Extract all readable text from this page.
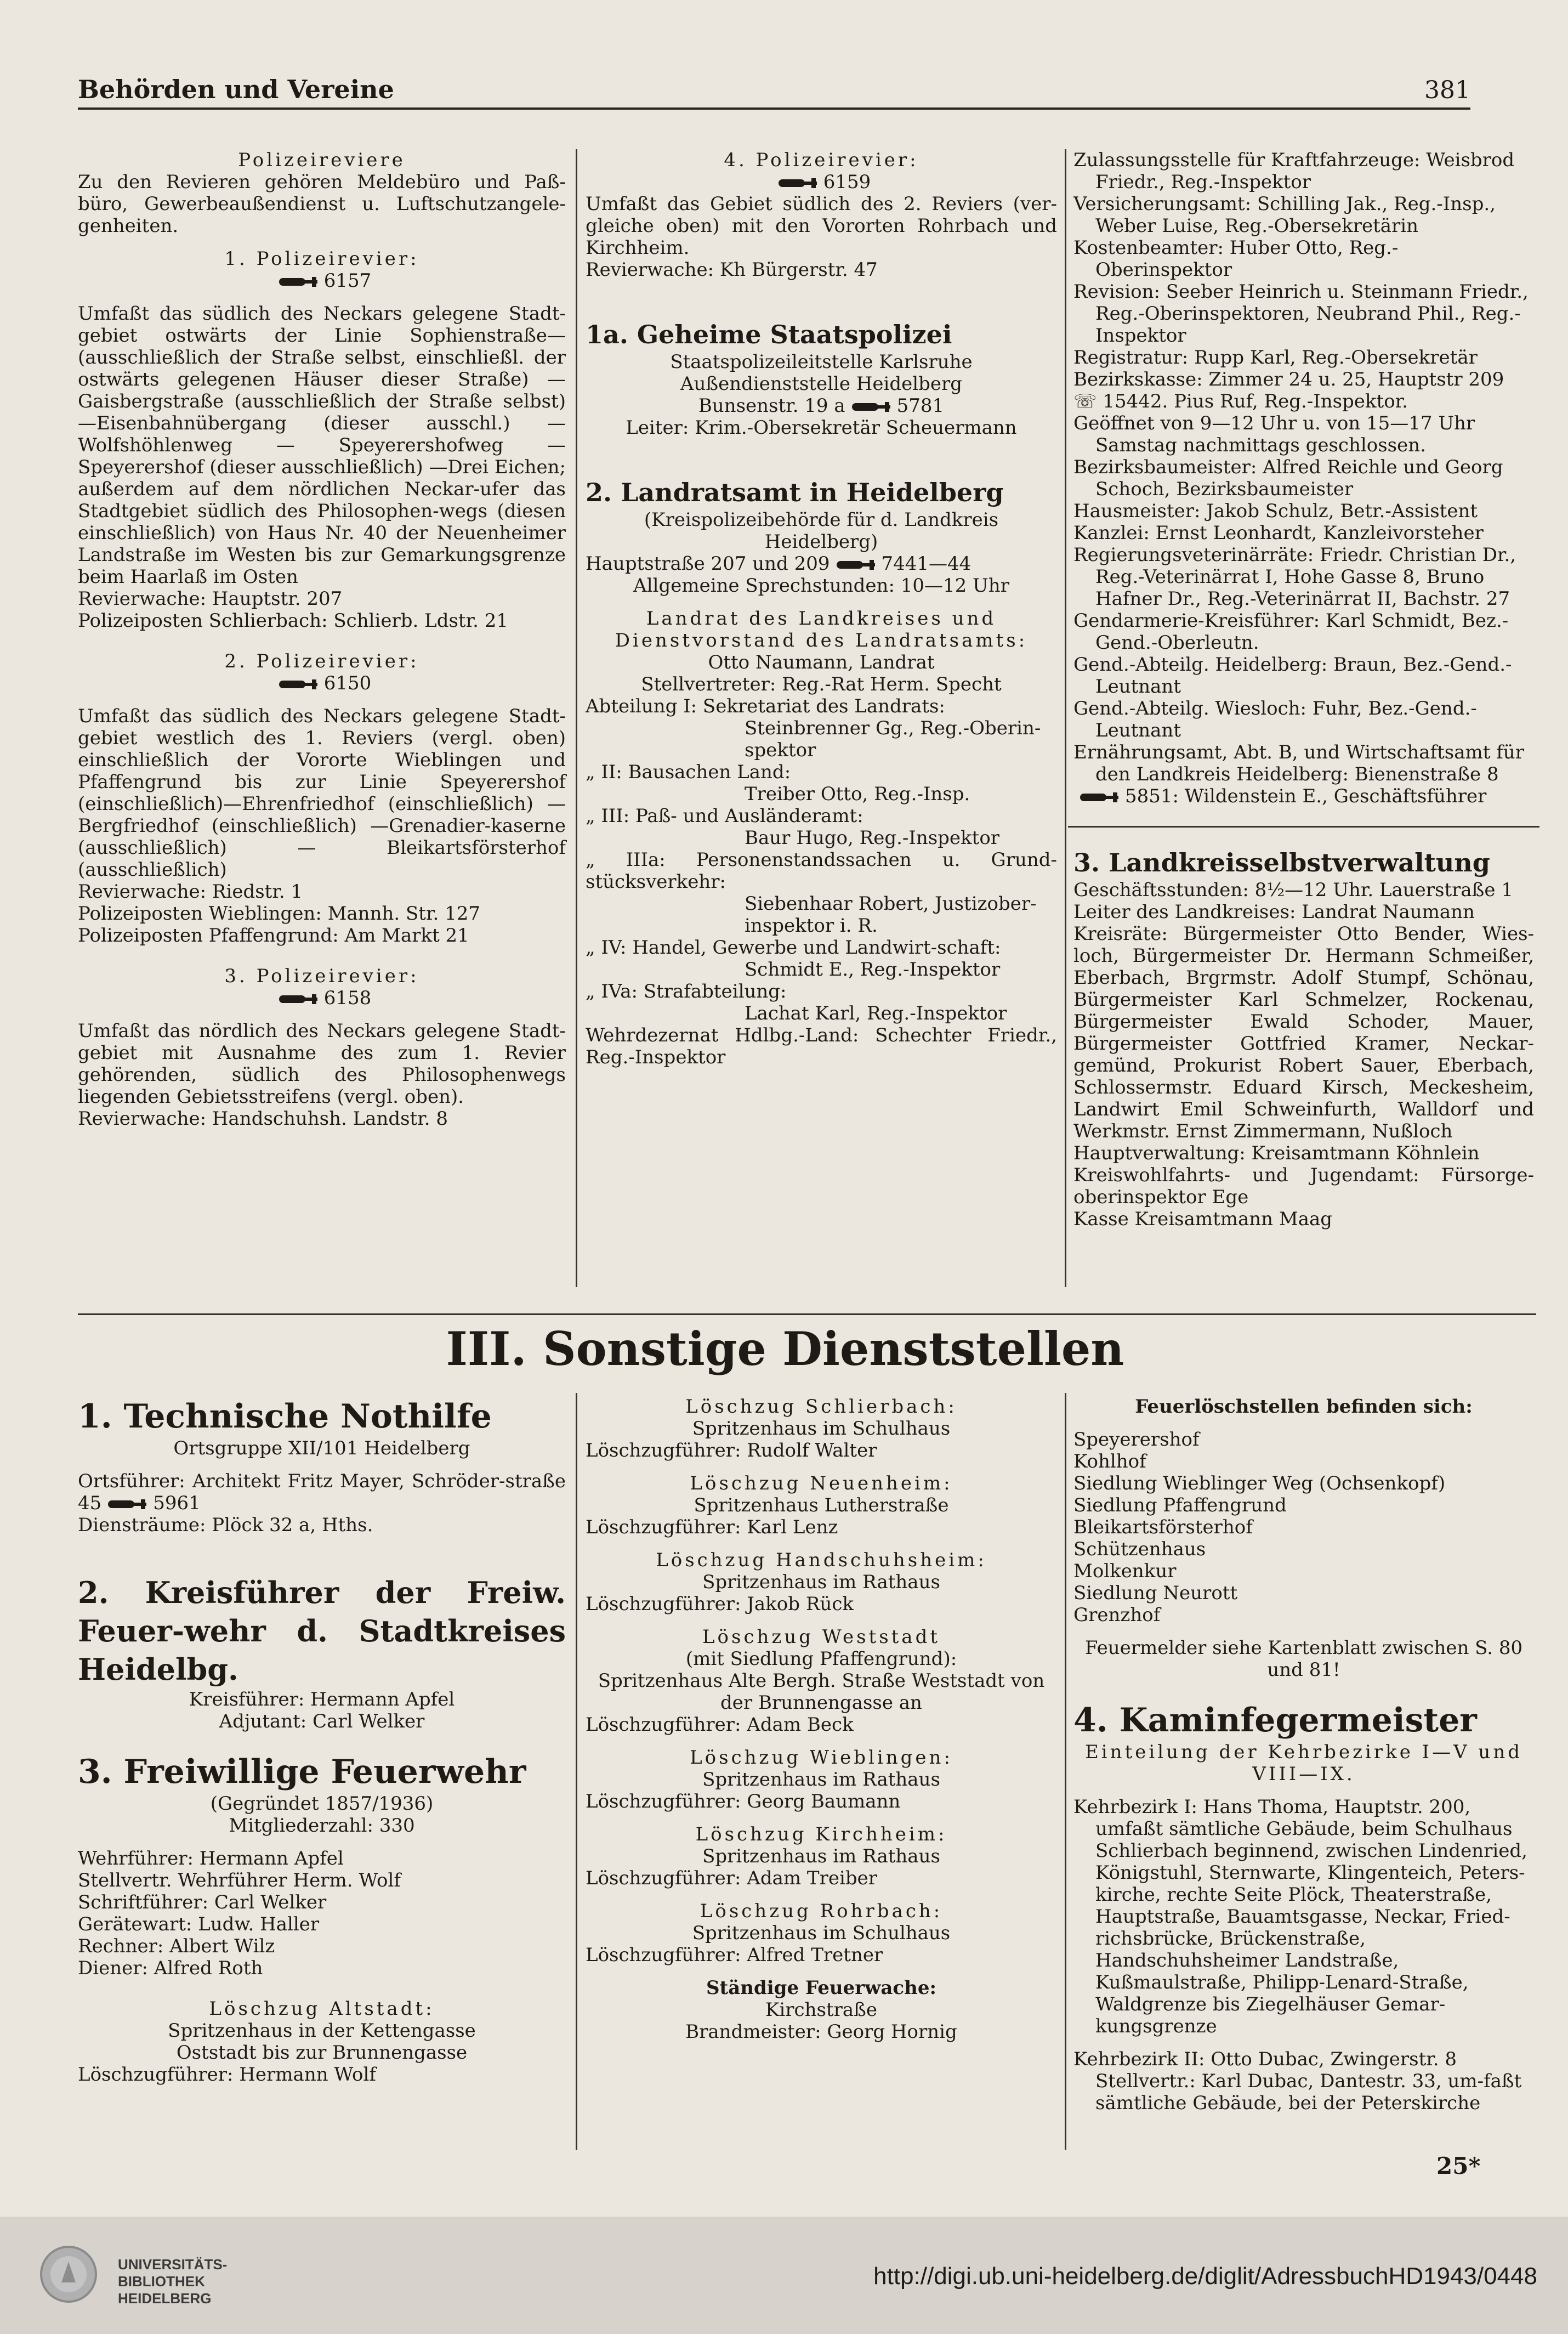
Behörden und Vereine	381

Polizeireviere

Zu den Revieren gehören Meldebüro und Paß-büro, Gewerbeaußendienst u. Luftschutzangele-genheiten.

1. Polizeirevier:

6157

Umfaßt das südlich des Neckars gelegene Stadt-gebiet ostwärts der Linie Sophienstraße—(ausschließlich der Straße selbst, einschließl. der ostwärts gelegenen Häuser dieser Straße) —Gaisbergstraße (ausschließlich der Straße selbst) —Eisenbahnübergang (dieser ausschl.) — Wolfshöhlenweg — Speyerershofweg — Speyerershof (dieser ausschließlich) —Drei Eichen; außerdem auf dem nördlichen Neckar-ufer das Stadtgebiet südlich des Philosophen-wegs (diesen einschließlich) von Haus Nr. 40 der Neuenheimer Landstraße im Westen bis zur Gemarkungsgrenze beim Haarlaß im Osten

Revierwache: Hauptstr. 207

Polizeiposten Schlierbach: Schlierb. Ldstr. 21

2. Polizeirevier:

6150

Umfaßt das südlich des Neckars gelegene Stadt-gebiet westlich des 1. Reviers (vergl. oben) einschließlich der Vororte Wieblingen und Pfaffengrund bis zur Linie Speyerershof (einschließlich)—Ehrenfriedhof (einschließlich) —Bergfriedhof (einschließlich) —Grenadier-kaserne (ausschließlich) — Bleikartsförsterhof (ausschließlich)

Revierwache: Riedstr. 1

Polizeiposten Wieblingen: Mannh. Str. 127

Polizeiposten Pfaffengrund: Am Markt 21

3. Polizeirevier:

6158

Umfaßt das nördlich des Neckars gelegene Stadt-gebiet mit Ausnahme des zum 1. Revier gehörenden, südlich des Philosophenwegs liegenden Gebietsstreifens (vergl. oben).

Revierwache: Handschuhsh. Landstr. 8

4. Polizeirevier:

6159

Umfaßt das Gebiet südlich des 2. Reviers (ver-gleiche oben) mit den Vororten Rohrbach und Kirchheim.

Revierwache: Kh Bürgerstr. 47

1a. Geheime Staatspolizei

Staatspolizeileitstelle Karlsruhe

Außendienststelle Heidelberg

Bunsenstr. 19 a	5781

Leiter: Krim.-Obersekretär Scheuermann

2. Landratsamt in Heidelberg

(Kreispolizeibehörde für d. Landkreis Heidelberg)

Hauptstraße 207 und 209	7441—44

Allgemeine Sprechstunden: 10—12 Uhr

Landrat des Landkreises und Dienstvorstand des Landratsamts:

Otto Naumann, Landrat

Stellvertreter: Reg.-Rat Herm. Specht

Abteilung I: Sekretariat des Landrats:

Steinbrenner Gg., Reg.-Oberin-spektor

„ II: Bausachen Land:

Treiber Otto, Reg.-Insp.

„ III: Paß- und Ausländeramt:

Baur Hugo, Reg.-Inspektor

„ IIIa: Personenstandssachen u. Grund-stücksverkehr:

Siebenhaar Robert, Justizober-inspektor i. R.

„ IV: Handel, Gewerbe und Landwirt-schaft:

Schmidt E., Reg.-Inspektor

„ IVa: Strafabteilung:

Lachat Karl, Reg.-Inspektor

Wehrdezernat Hdlbg.-Land: Schechter Friedr., Reg.-Inspektor

Zulassungsstelle für Kraftfahrzeuge: Weisbrod Friedr., Reg.-Inspektor

Versicherungsamt: Schilling Jak., Reg.-Insp., Weber Luise, Reg.-Obersekretärin

Kostenbeamter: Huber Otto, Reg.-Oberinspektor

Revision: Seeber Heinrich u. Steinmann Friedr., Reg.-Oberinspektoren, Neubrand Phil., Reg.-Inspektor

Registratur: Rupp Karl, Reg.-Obersekretär

Bezirkskasse: Zimmer 24 u. 25, Hauptstr 209

☏ 15442. Pius Ruf, Reg.-Inspektor.

Geöffnet von 9—12 Uhr u. von 15—17 Uhr Samstag nachmittags geschlossen.

Bezirksbaumeister: Alfred Reichle und Georg Schoch, Bezirksbaumeister

Hausmeister: Jakob Schulz, Betr.-Assistent

Kanzlei: Ernst Leonhardt, Kanzleivorsteher

Regierungsveterinärräte: Friedr. Christian Dr., Reg.-Veterinärrat I, Hohe Gasse 8, Bruno Hafner Dr., Reg.-Veterinärrat II, Bachstr. 27

Gendarmerie-Kreisführer: Karl Schmidt, Bez.-Gend.-Oberleutn.

Gend.-Abteilg. Heidelberg: Braun, Bez.-Gend.-Leutnant

Gend.-Abteilg. Wiesloch: Fuhr, Bez.-Gend.-Leutnant

Ernährungsamt, Abt. B, und Wirtschaftsamt für den Landkreis Heidelberg: Bienenstraße 8

5851: Wildenstein E., Geschäftsführer

3. Landkreisselbstverwaltung

Geschäftsstunden: 8½—12 Uhr. Lauerstraße 1

Leiter des Landkreises: Landrat Naumann

Kreisräte: Bürgermeister Otto Bender, Wies-loch, Bürgermeister Dr. Hermann Schmeißer, Eberbach, Brgrmstr. Adolf Stumpf, Schönau, Bürgermeister Karl Schmelzer, Rockenau, Bürgermeister Ewald Schoder, Mauer, Bürgermeister Gottfried Kramer, Neckar-gemünd, Prokurist Robert Sauer, Eberbach, Schlossermstr. Eduard Kirsch, Meckesheim, Landwirt Emil Schweinfurth, Walldorf und Werkmstr. Ernst Zimmermann, Nußloch

Hauptverwaltung: Kreisamtmann Köhnlein

Kreiswohlfahrts- und Jugendamt: Fürsorge-oberinspektor Ege

Kasse Kreisamtmann Maag

III. Sonstige Dienststellen

1. Technische Nothilfe

Ortsgruppe XII/101 Heidelberg

Ortsführer: Architekt Fritz Mayer, Schröder-straße 45	5961

Diensträume: Plöck 32 a, Hths.

2. Kreisführer der Freiw. Feuer-wehr d. Stadtkreises Heidelbg.

Kreisführer: Hermann Apfel

Adjutant: Carl Welker

3. Freiwillige Feuerwehr

(Gegründet 1857/1936)

Mitgliederzahl: 330

Wehrführer: Hermann Apfel

Stellvertr. Wehrführer Herm. Wolf

Schriftführer: Carl Welker

Gerätewart: Ludw. Haller

Rechner: Albert Wilz

Diener: Alfred Roth

Löschzug Altstadt:

Spritzenhaus in der Kettengasse

Oststadt bis zur Brunnengasse

Löschzugführer: Hermann Wolf

Löschzug Schlierbach:

Spritzenhaus im Schulhaus

Löschzugführer: Rudolf Walter

Löschzug Neuenheim:

Spritzenhaus Lutherstraße

Löschzugführer: Karl Lenz

Löschzug Handschuhsheim:

Spritzenhaus im Rathaus

Löschzugführer: Jakob Rück

Löschzug Weststadt

(mit Siedlung Pfaffengrund):

Spritzenhaus Alte Bergh. Straße Weststadt von der Brunnengasse an

Löschzugführer: Adam Beck

Löschzug Wieblingen:

Spritzenhaus im Rathaus

Löschzugführer: Georg Baumann

Löschzug Kirchheim:

Spritzenhaus im Rathaus

Löschzugführer: Adam Treiber

Löschzug Rohrbach:

Spritzenhaus im Schulhaus

Löschzugführer: Alfred Tretner

Ständige Feuerwache:

Kirchstraße

Brandmeister: Georg Hornig

Feuerlöschstellen befinden sich:

Speyerershof

Kohlhof

Siedlung Wieblinger Weg (Ochsenkopf)

Siedlung Pfaffengrund

Bleikartsförsterhof

Schützenhaus

Molkenkur

Siedlung Neurott

Grenzhof

Feuermelder siehe Kartenblatt zwischen S. 80 und 81!

4. Kaminfegermeister

Einteilung der Kehrbezirke I—V und VIII—IX.

Kehrbezirk I: Hans Thoma, Hauptstr. 200, umfaßt sämtliche Gebäude, beim Schulhaus Schlierbach beginnend, zwischen Lindenried, Königstuhl, Sternwarte, Klingenteich, Peters-kirche, rechte Seite Plöck, Theaterstraße, Hauptstraße, Bauamtsgasse, Neckar, Fried-richsbrücke, Brückenstraße, Handschuhsheimer Landstraße, Kußmaulstraße, Philipp-Lenard-Straße, Waldgrenze bis Ziegelhäuser Gemar-kungsgrenze

Kehrbezirk II: Otto Dubac, Zwingerstr. 8 Stellvertr.: Karl Dubac, Dantestr. 33, um-faßt sämtliche Gebäude, bei der Peterskirche

25*
UNIVERSITÄTS-
BIBLIOTHEK
HEIDELBERG
http://digi.ub.uni-heidelberg.de/diglit/AdressbuchHD1943/0448
